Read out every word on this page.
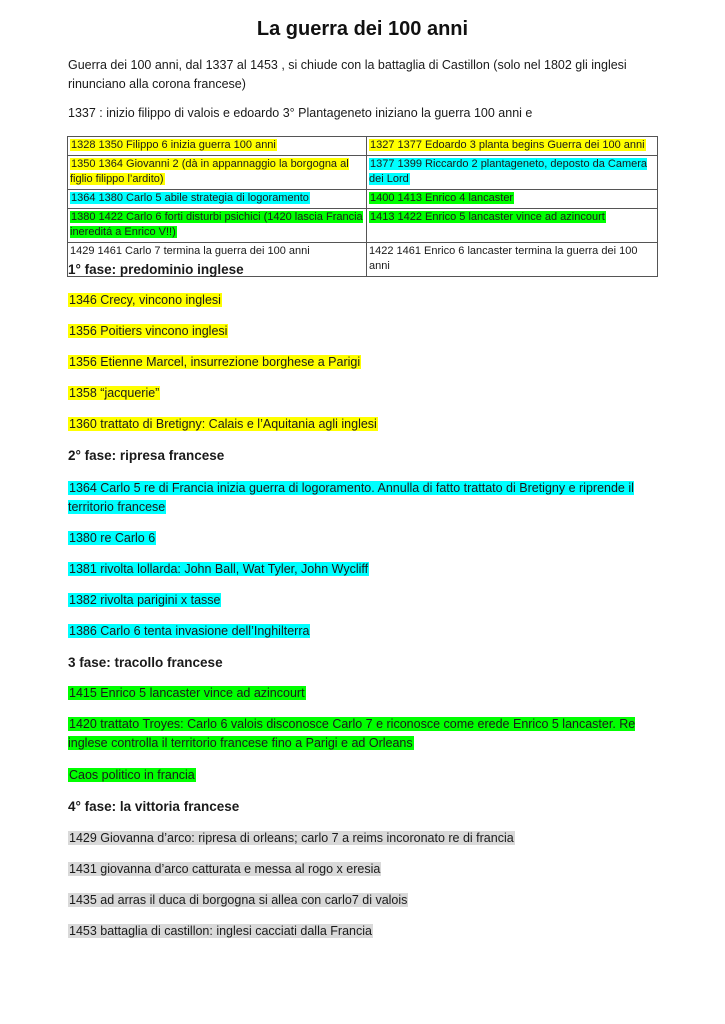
La guerra dei 100 anni
Guerra dei 100 anni, dal 1337 al 1453 , si chiude con la battaglia di Castillon (solo nel 1802 gli inglesi rinunciano alla corona francese)
1337 : inizio filippo di valois e edoardo 3° Plantageneto iniziano la guerra 100 anni e
1328 1350 Filippo 6 inizia guerra 100 anni	1327 1377 Edoardo 3 planta begins Guerra dei 100 anni
1350 1364 Giovanni 2 (dà in appannaggio la borgogna al figlio filippo l’ardito)	1377 1399 Riccardo 2 plantageneto, deposto da Camera dei Lord
1364 1380 Carlo 5 abile strategia di logoramento	1400 1413 Enrico 4 lancaster
1380 1422 Carlo 6 forti disturbi psichici (1420 lascia Francia inereditá a Enrico V!!)	1413 1422 Enrico 5 lancaster vince ad azincourt
1429 1461 Carlo 7 termina la guerra dei 100 anni	1422 1461 Enrico 6 lancaster termina la guerra dei 100 anni
1° fase: predominio inglese
1346 Crecy, vincono inglesi
1356 Poitiers vincono inglesi
1356 Etienne Marcel, insurrezione borghese a Parigi
1358 “jacquerie”
1360 trattato di Bretigny: Calais e l’Aquitania agli inglesi
2° fase: ripresa francese
1364 Carlo 5 re di Francia inizia guerra di logoramento. Annulla di fatto trattato di Bretigny e riprende il territorio francese
1380 re Carlo 6
1381 rivolta lollarda: John Ball, Wat Tyler, John Wycliff
1382 rivolta parigini x tasse
1386 Carlo 6 tenta invasione dell’Inghilterra
3 fase: tracollo francese
1415 Enrico 5 lancaster vince ad azincourt
1420 trattato Troyes: Carlo 6 valois disconosce Carlo 7 e riconosce come erede Enrico 5 lancaster. Re inglese controlla il territorio francese fino a Parigi e ad Orleans
Caos politico in francia
4° fase: la vittoria francese
1429 Giovanna d’arco: ripresa di orleans; carlo 7 a reims incoronato re di francia
1431 giovanna d’arco catturata e messa al rogo x eresia
1435 ad arras il duca di borgogna si allea con carlo7 di valois
1453 battaglia di castillon: inglesi cacciati dalla Francia
